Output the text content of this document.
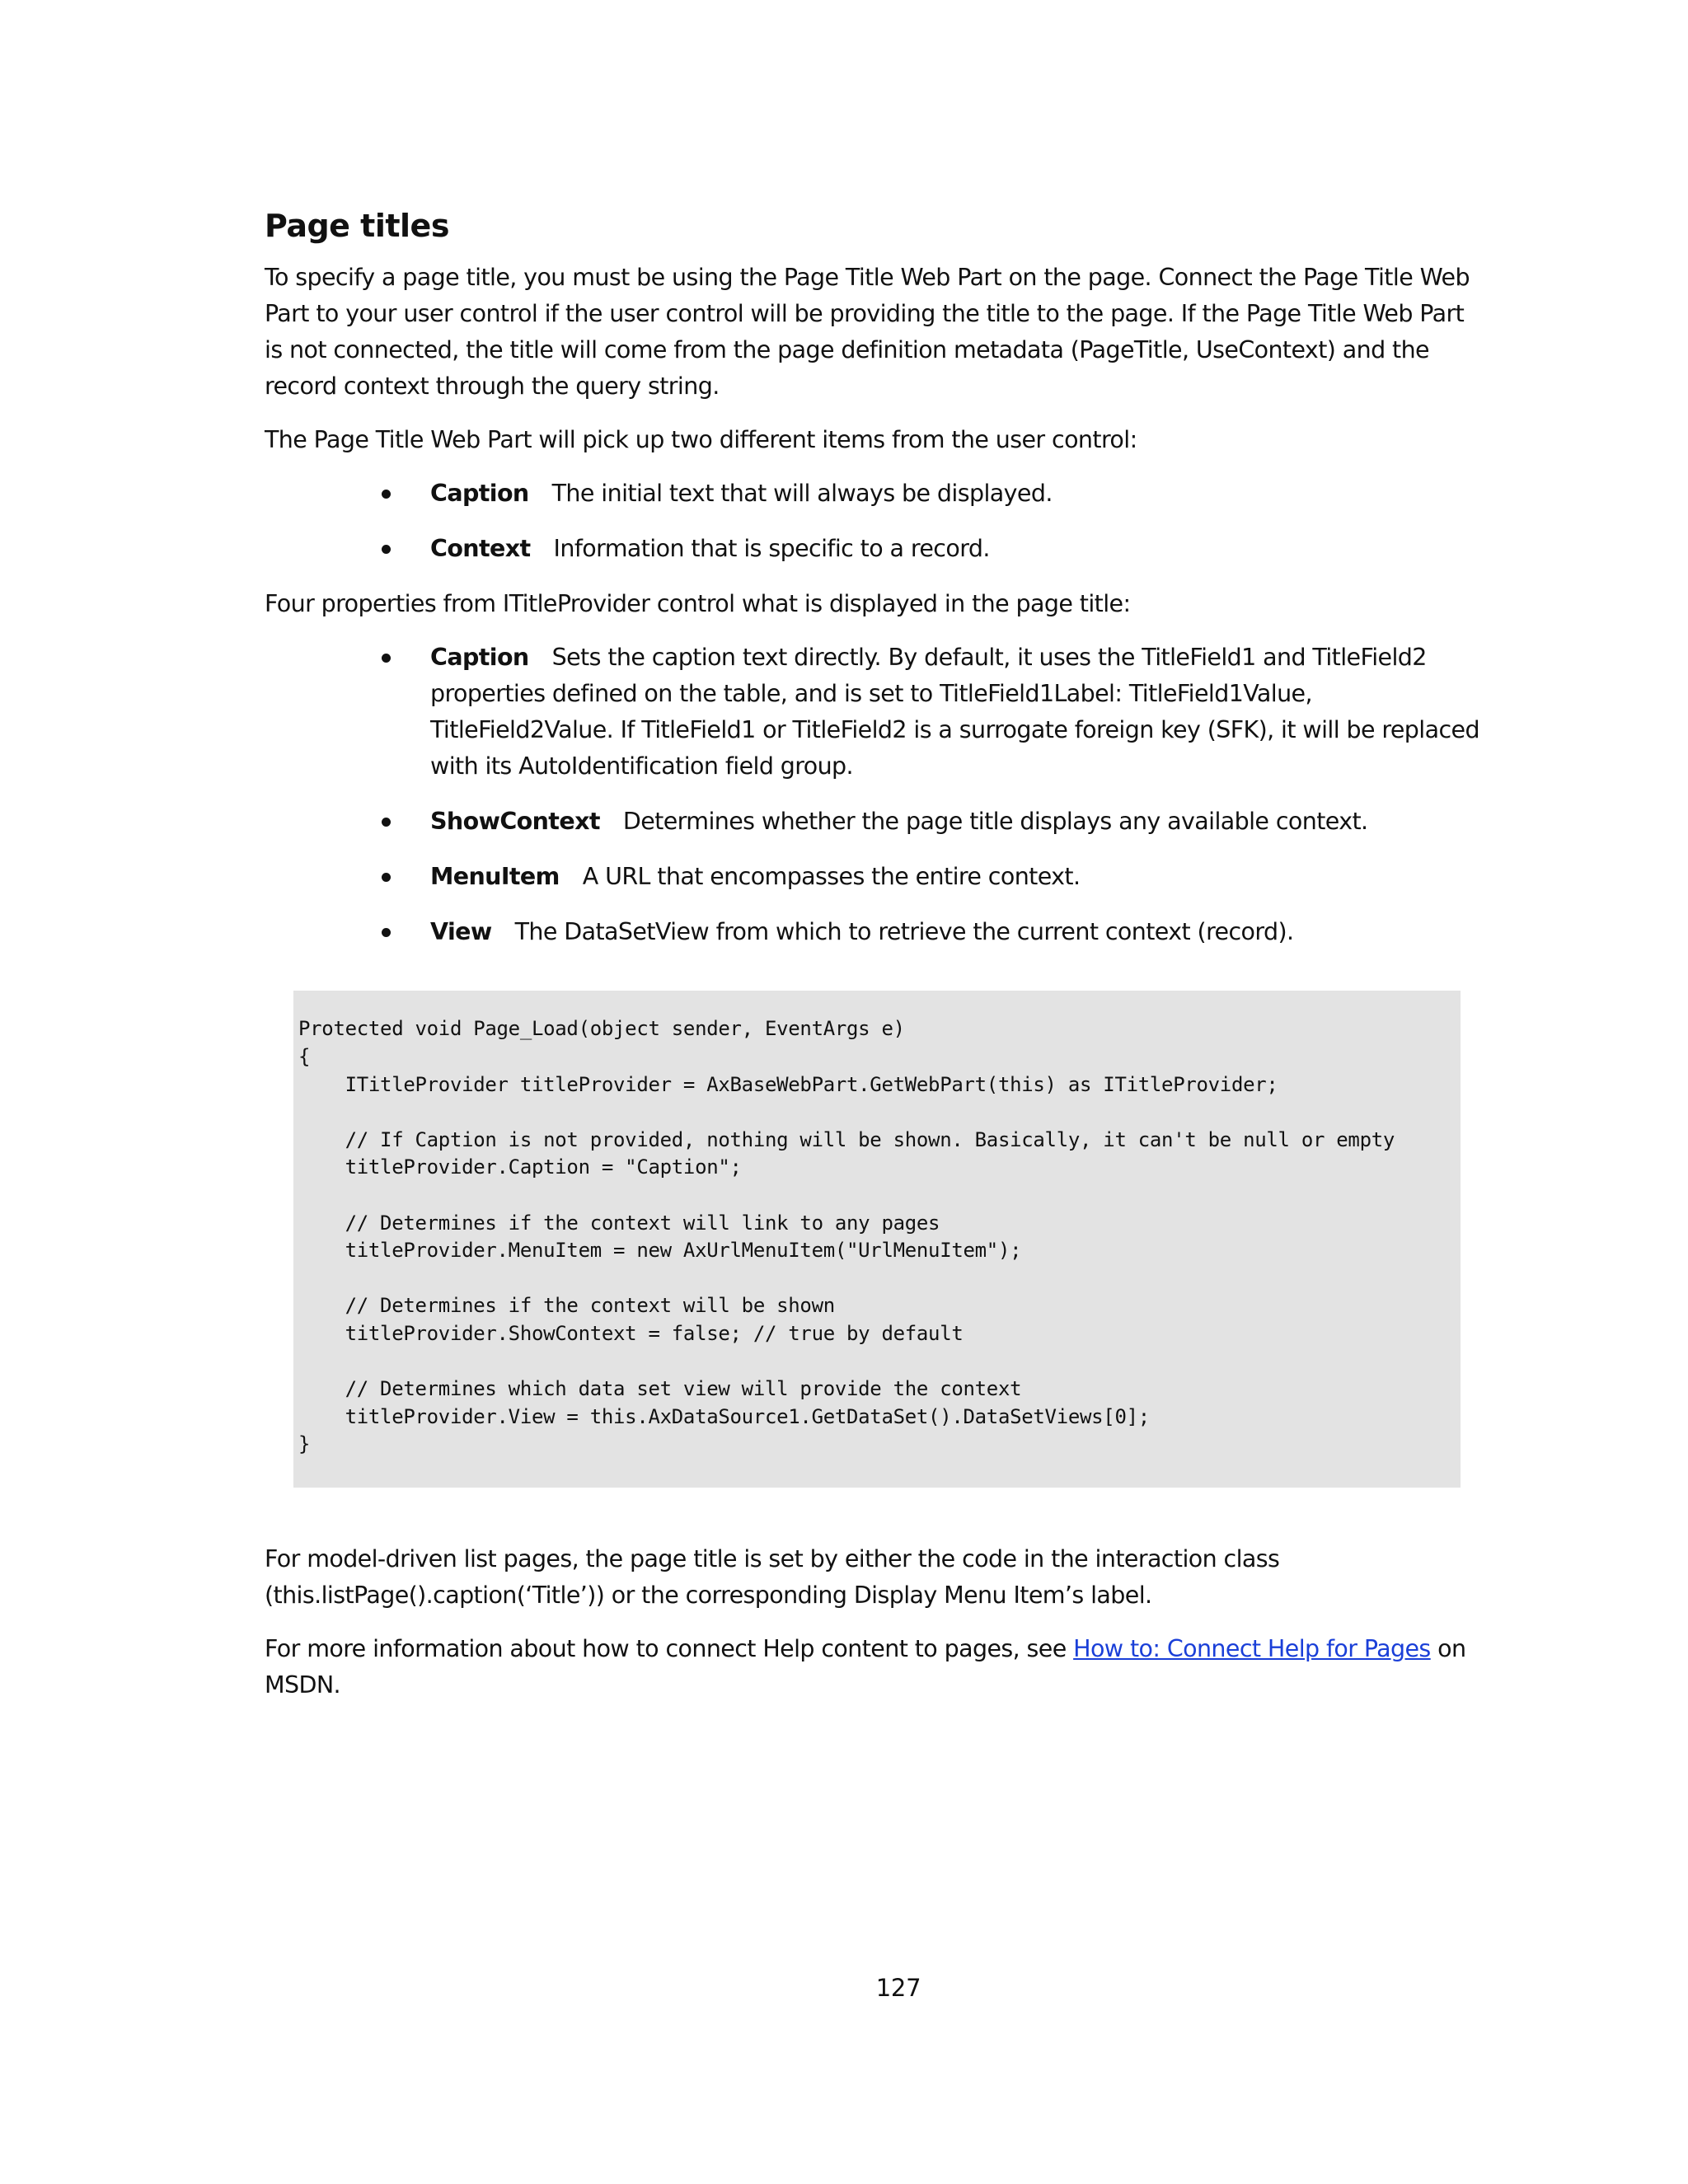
Page titles

To specify a page title, you must be using the Page Title Web Part on the page. Connect the Page Title Web Part to your user control if the user control will be providing the title to the page. If the Page Title Web Part is not connected, the title will come from the page definition metadata (PageTitle, UseContext) and the record context through the query string.

The Page Title Web Part will pick up two different items from the user control:

Caption The initial text that will always be displayed.
Context Information that is specific to a record.

Four properties from ITitleProvider control what is displayed in the page title:

Caption Sets the caption text directly. By default, it uses the TitleField1 and TitleField2 properties defined on the table, and is set to TitleField1Label: TitleField1Value, TitleField2Value. If TitleField1 or TitleField2 is a surrogate foreign key (SFK), it will be replaced with its AutoIdentification field group.
ShowContext Determines whether the page title displays any available context.
MenuItem A URL that encompasses the entire context.
View The DataSetView from which to retrieve the current context (record).
Protected void Page_Load(object sender, EventArgs e)
{
ITitleProvider titleProvider = AxBaseWebPart.GetWebPart(this) as ITitleProvider;

// If Caption is not provided, nothing will be shown. Basically, it can't be null or empty
titleProvider.Caption = "Caption";

// Determines if the context will link to any pages
titleProvider.MenuItem = new AxUrlMenuItem("UrlMenuItem");

// Determines if the context will be shown
titleProvider.ShowContext = false; // true by default

// Determines which data set view will provide the context
titleProvider.View = this.AxDataSource1.GetDataSet().DataSetViews[0];
}

For model-driven list pages, the page title is set by either the code in the interaction class (this.listPage().caption(‘Title’)) or the corresponding Display Menu Item’s label.

For more information about how to connect Help content to pages, see How to: Connect Help for Pages on MSDN.

127
